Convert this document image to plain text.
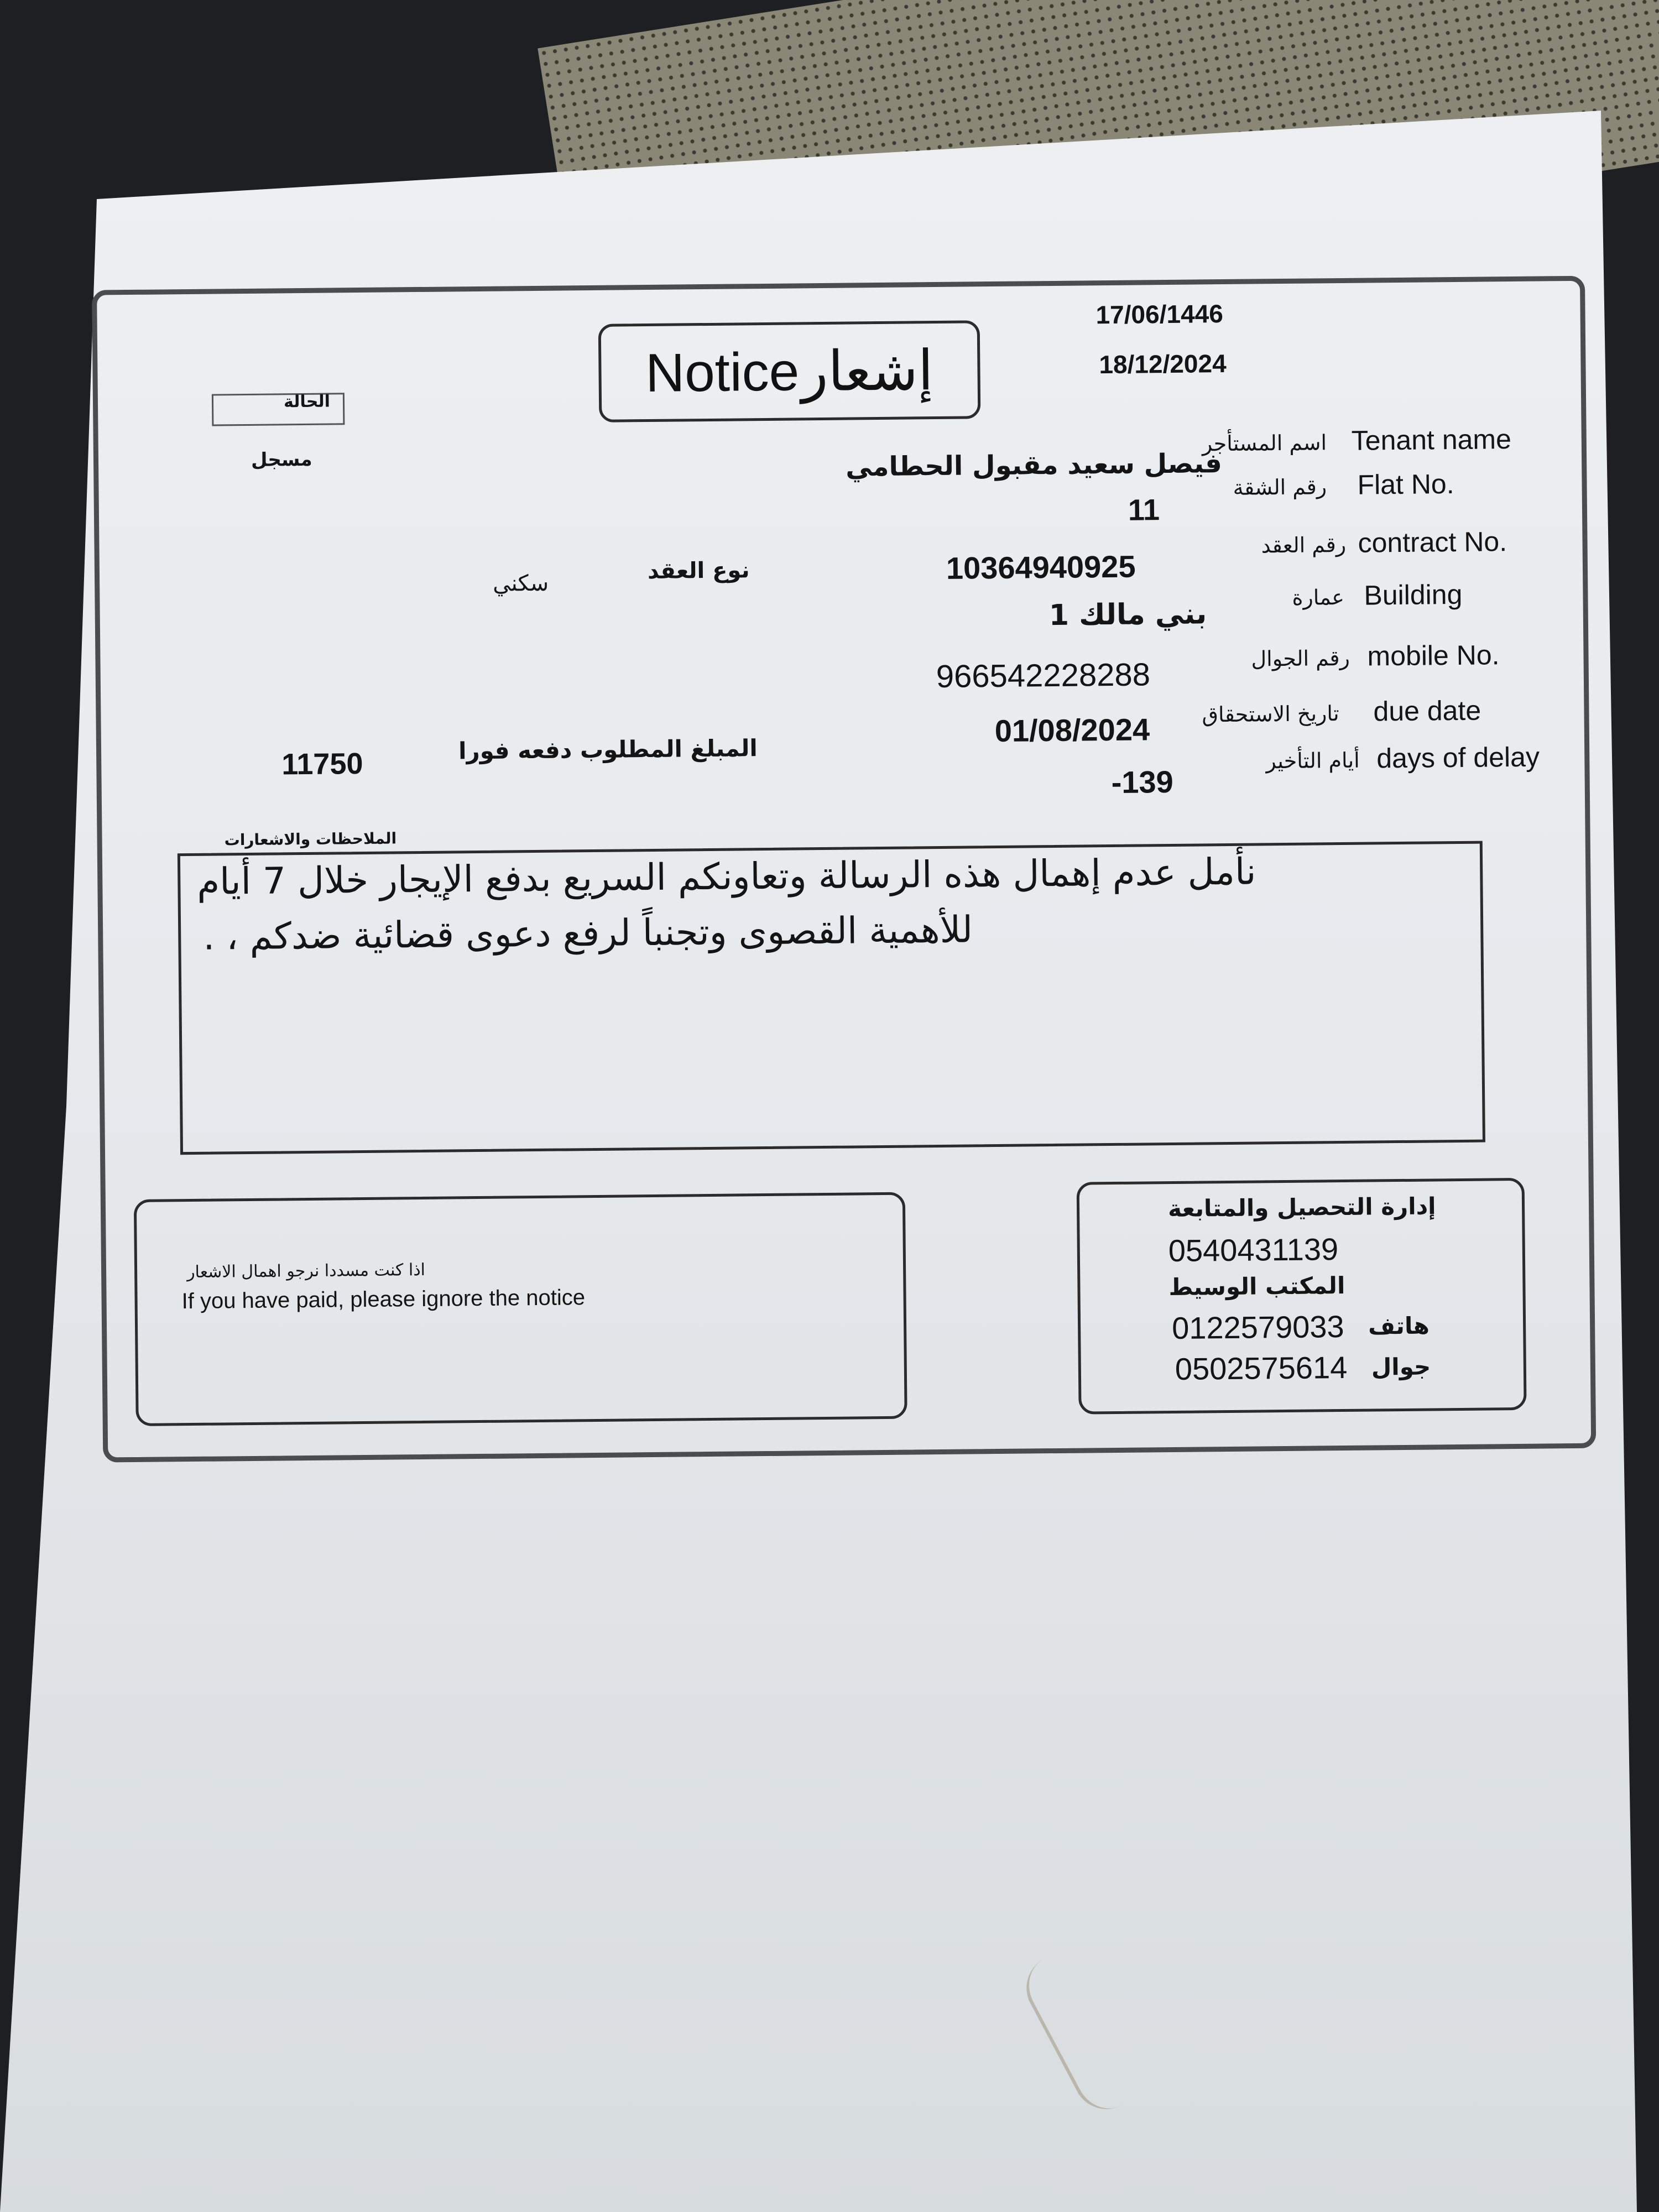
Notice إشعار
17/06/1446
18/12/2024
الحالة
مسجل
Tenant name
اسم المستأجر
فيصل سعيد مقبول الحطامي
Flat No.
رقم الشقة
11
contract No.
رقم العقد
10364940925
نوع العقد
سكني	Building
عمارة
بني مالك 1
mobile No.
رقم الجوال
966542228288
due date
تاريخ الاستحقاق
01/08/2024
المبلغ المطلوب دفعه فورا
11750	days of delay
أيام التأخير
-139
الملاحظات والاشعارات
نأمل عدم إهمال هذه الرسالة وتعاونكم السريع بدفع الإيجار خلال 7 أيام
للأهمية القصوى وتجنباً لرفع دعوى قضائية ضدكم ، .
اذا كنت مسددا نرجو اهمال الاشعار
If you have paid, please ignore the notice
إدارة التحصيل والمتابعة
0540431139
المكتب الوسيط
0122579033 هاتف
0502575614 جوال
